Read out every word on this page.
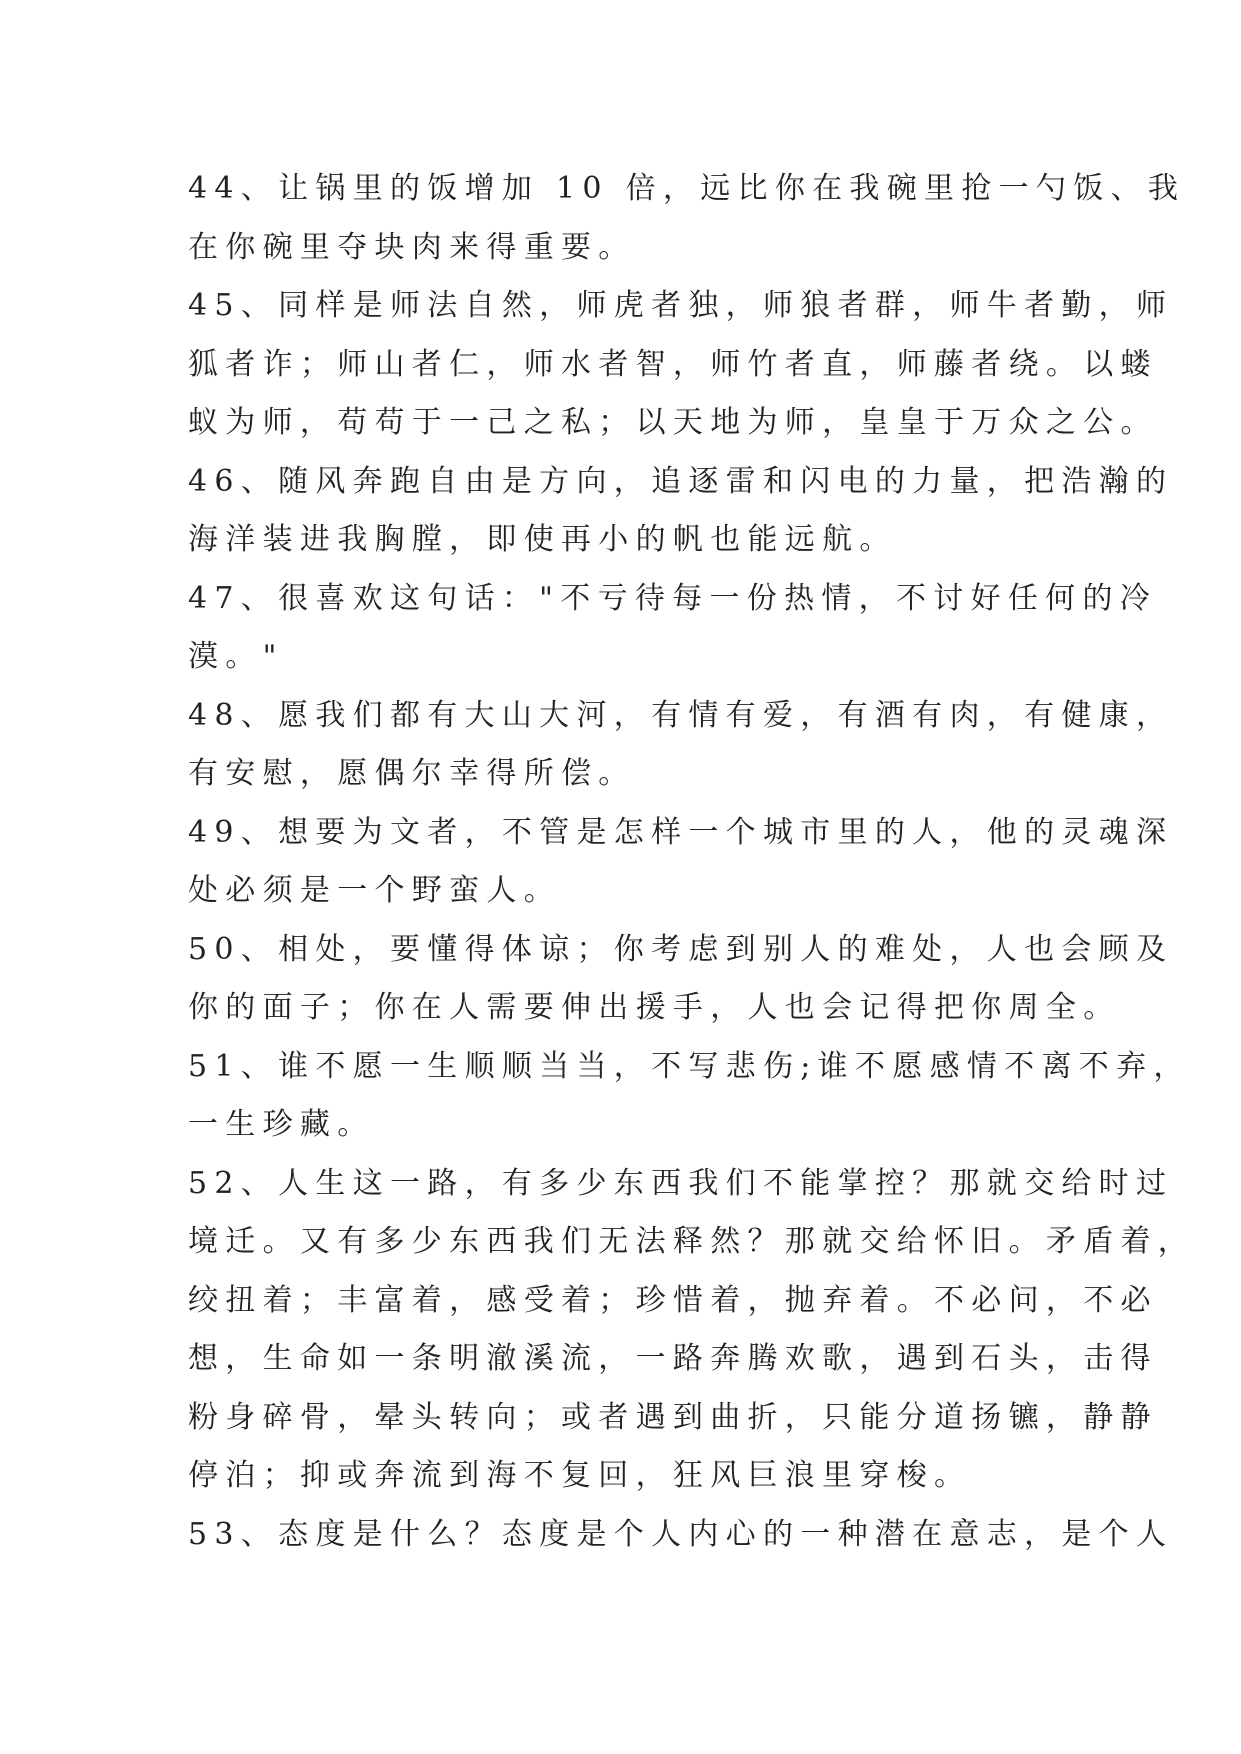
44、让锅里的饭增加 10 倍，远比你在我碗里抢一勺饭、我

在你碗里夺块肉来得重要。

45、同样是师法自然，师虎者独，师狼者群，师牛者勤，师

狐者诈；师山者仁，师水者智，师竹者直，师藤者绕。以蝼

蚁为师，苟苟于一己之私；以天地为师，皇皇于万众之公。

46、随风奔跑自由是方向，追逐雷和闪电的力量，把浩瀚的

海洋装进我胸膛，即使再小的帆也能远航。

47、很喜欢这句话："不亏待每一份热情，不讨好任何的冷

漠。"

48、愿我们都有大山大河，有情有爱，有酒有肉，有健康，

有安慰，愿偶尔幸得所偿。

49、想要为文者，不管是怎样一个城市里的人，他的灵魂深

处必须是一个野蛮人。

50、相处，要懂得体谅；你考虑到别人的难处，人也会顾及

你的面子；你在人需要伸出援手，人也会记得把你周全。

51、谁不愿一生顺顺当当，不写悲伤;谁不愿感情不离不弃，

一生珍藏。

52、人生这一路，有多少东西我们不能掌控？那就交给时过

境迁。又有多少东西我们无法释然？那就交给怀旧。矛盾着，

绞扭着；丰富着，感受着；珍惜着，抛弃着。不必问，不必

想，生命如一条明澈溪流，一路奔腾欢歌，遇到石头，击得

粉身碎骨，晕头转向；或者遇到曲折，只能分道扬镳，静静

停泊；抑或奔流到海不复回，狂风巨浪里穿梭。

53、态度是什么？态度是个人内心的一种潜在意志，是个人
